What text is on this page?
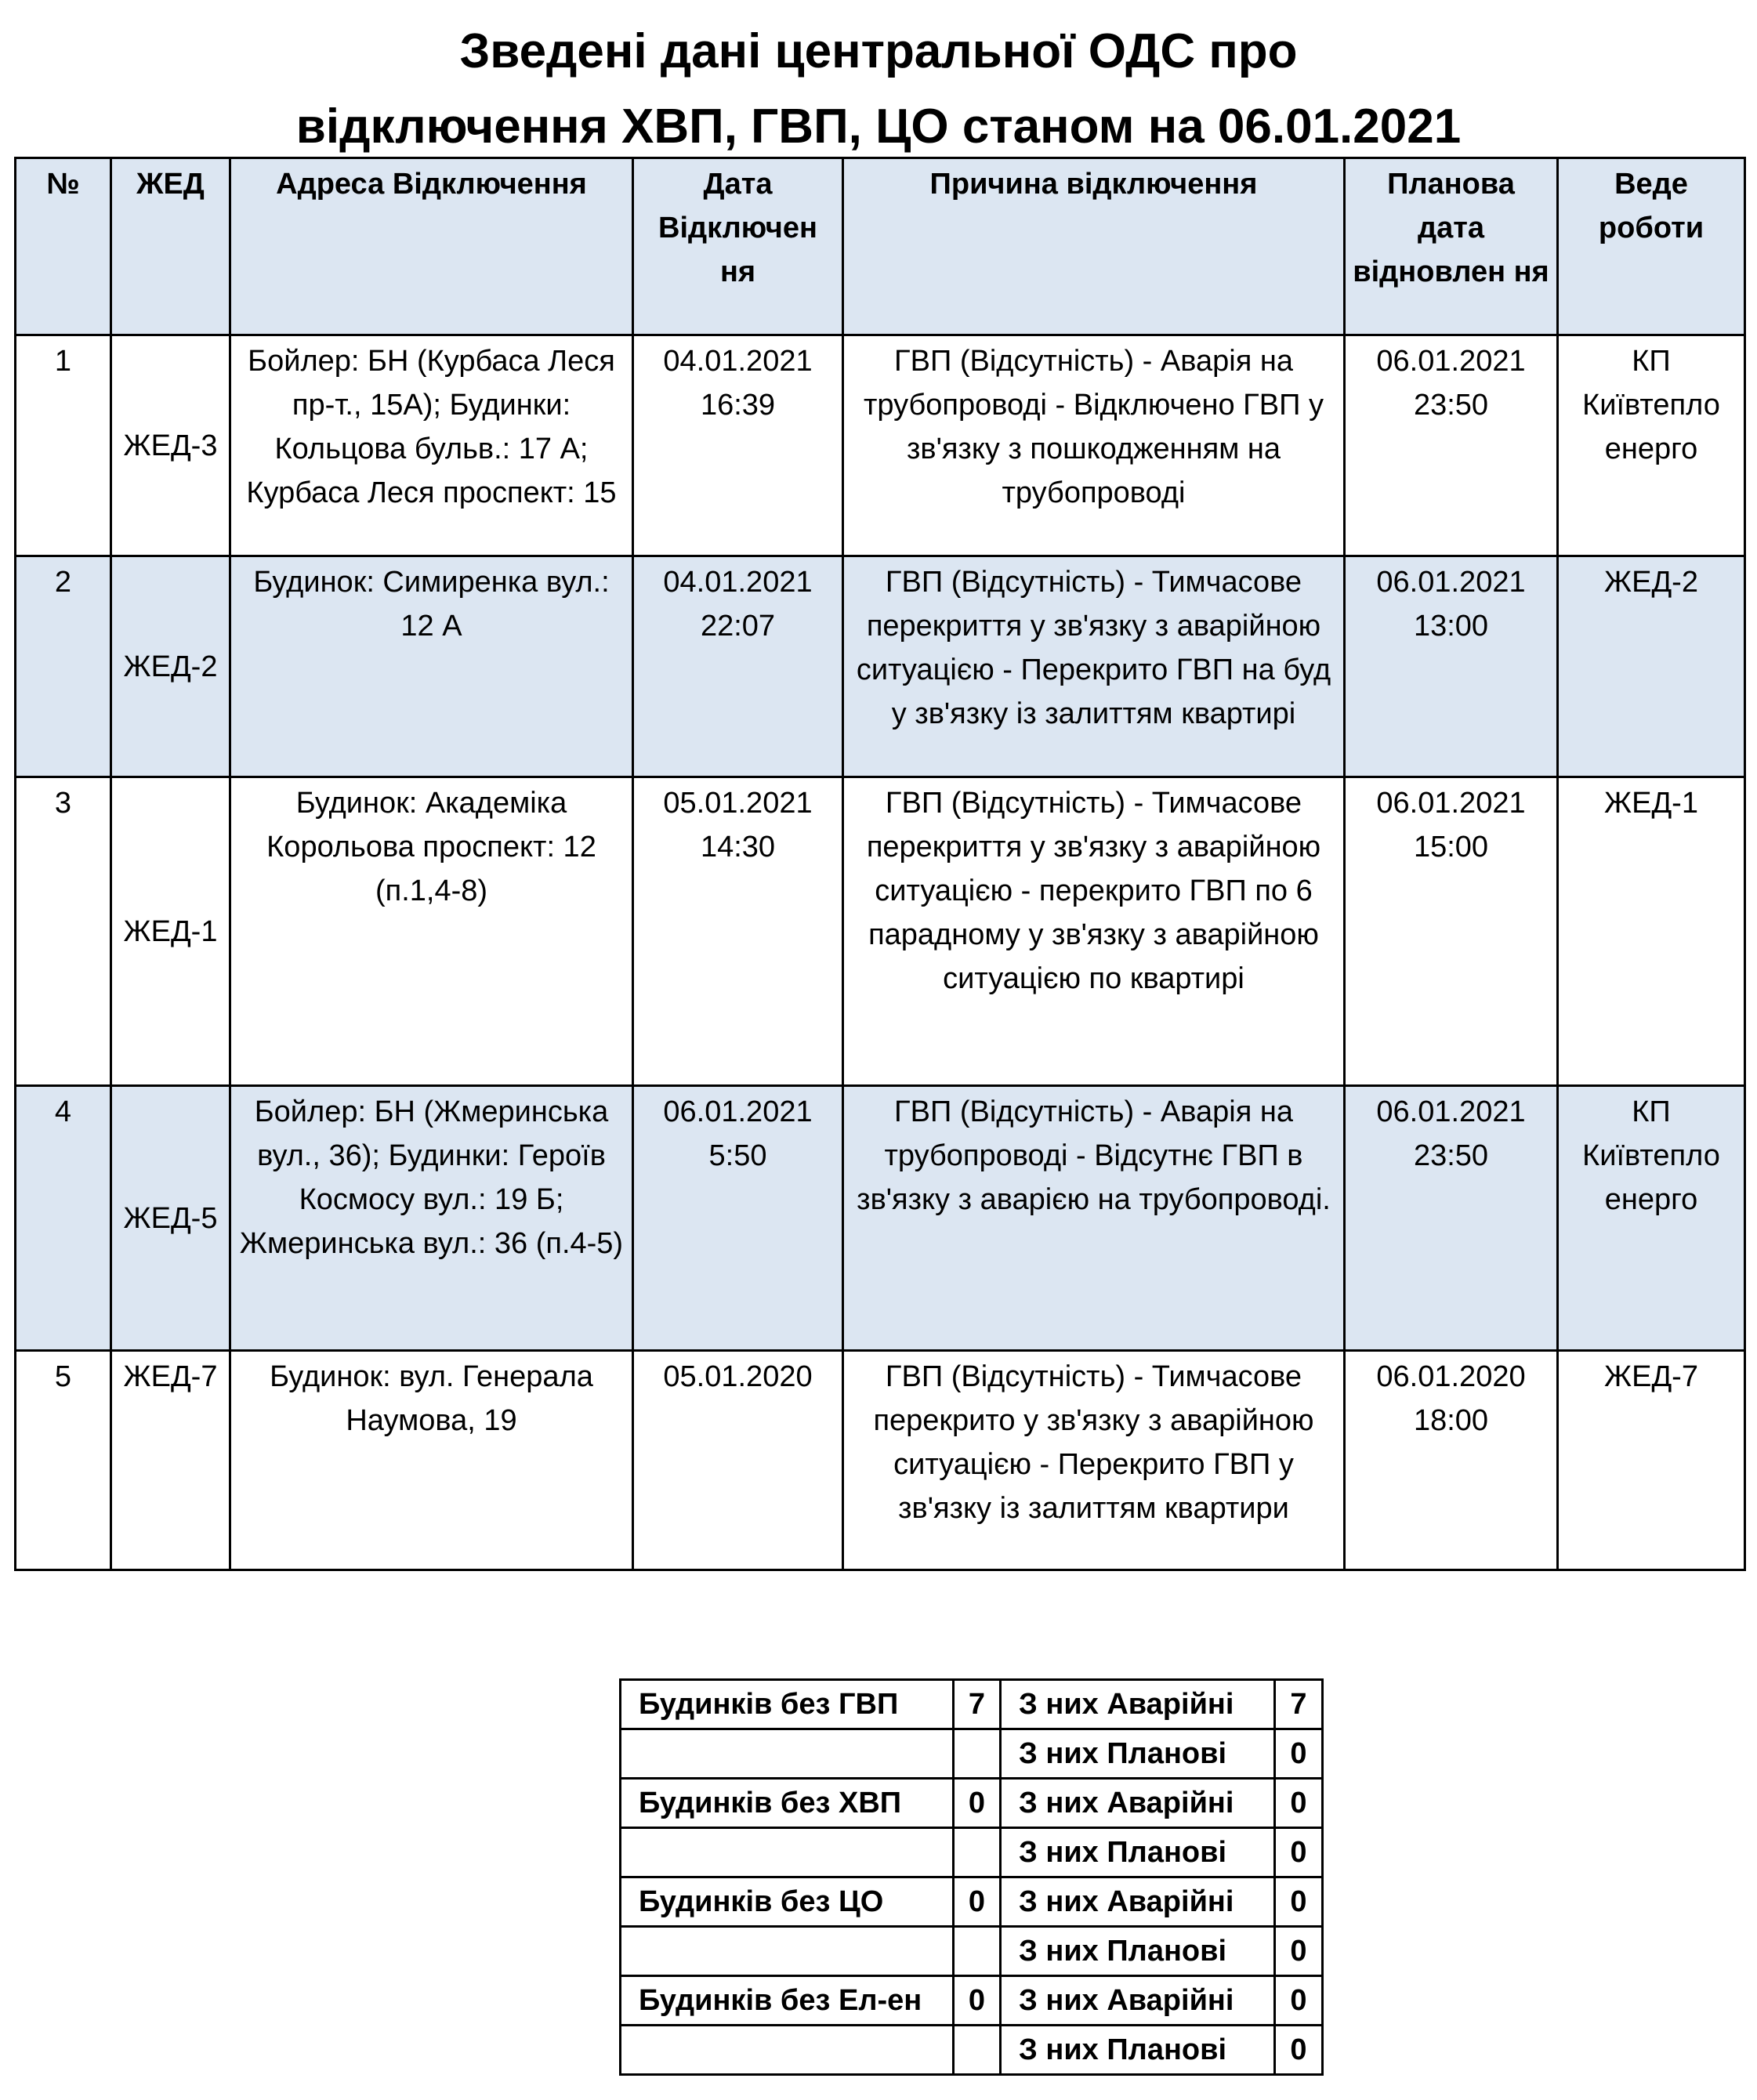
Зведені дані центральної ОДС про
відключення ХВП, ГВП, ЦО станом на 06.01.2021
№	ЖЕД	Адреса Відключення	Дата Відключен ня	Причина відключення	Планова дата відновлен ня	Веде роботи
1	ЖЕД-3	Бойлер: БН (Курбаса Леся пр-т., 15А); Будинки: Кольцова бульв.: 17 А; Курбаса Леся проспект: 15	04.01.2021 16:39	ГВП (Відсутність) - Аварія на трубопроводі - Відключено ГВП у зв'язку з пошкодженням на трубопроводі	06.01.2021 23:50	КП Київтепло енерго
2	ЖЕД-2	Будинок: Симиренка вул.: 12 А	04.01.2021 22:07	ГВП (Відсутність) - Тимчасове перекриття у зв'язку з аварійною ситуацією - Перекрито ГВП на буд у зв'язку із залиттям квартирі	06.01.2021 13:00	ЖЕД-2
3	ЖЕД-1	Будинок: Академіка Корольова проспект: 12 (п.1,4-8)	05.01.2021 14:30	ГВП (Відсутність) - Тимчасове перекриття у зв'язку з аварійною ситуацією - перекрито ГВП по 6 парадному у зв'язку з аварійною ситуацією по квартирі	06.01.2021 15:00	ЖЕД-1
4	ЖЕД-5	Бойлер: БН (Жмеринська вул., 36); Будинки: Героїв Космосу вул.: 19 Б; Жмеринська вул.: 36 (п.4-5)	06.01.2021 5:50	ГВП (Відсутність) - Аварія на трубопроводі - Відсутнє ГВП в зв'язку з аварією на трубопроводі.	06.01.2021 23:50	КП Київтепло енерго
5	ЖЕД-7	Будинок: вул. Генерала Наумова, 19	05.01.2020	ГВП (Відсутність) - Тимчасове перекрито у зв'язку з аварійною ситуацією - Перекрито ГВП у зв'язку із залиттям квартири	06.01.2020 18:00	ЖЕД-7
Будинків без ГВП	7	З них Аварійні	7
		З них Планові	0
Будинків без ХВП	0	З них Аварійні	0
		З них Планові	0
Будинків без ЦО	0	З них Аварійні	0
		З них Планові	0
Будинків без Ел-ен	0	З них Аварійні	0
		З них Планові	0
